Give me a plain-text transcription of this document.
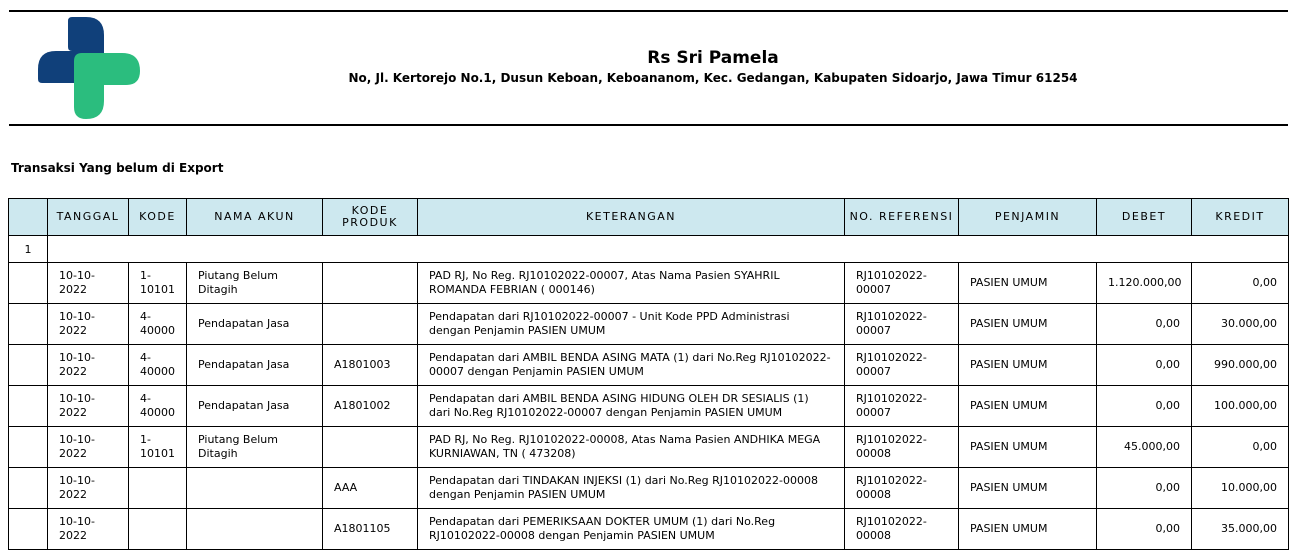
Rs Sri Pamela
No, Jl. Kertorejo No.1, Dusun Keboan, Keboananom, Kec. Gedangan, Kabupaten Sidoarjo, Jawa Timur 61254
Transaksi Yang belum di Export
	TANGGAL	KODE	NAMA AKUN	KODE PRODUK	KETERANGAN	NO. REFERENSI	PENJAMIN	DEBET	KREDIT
1									
	10-10-2022	1-10101	Piutang Belum Ditagih		PAD RJ, No Reg. RJ10102022-00007, Atas Nama Pasien SYAHRIL ROMANDA FEBRIAN ( 000146)	RJ10102022-00007	PASIEN UMUM	1.120.000,00	0,00
	10-10-2022	4-40000	Pendapatan Jasa		Pendapatan dari RJ10102022-00007 - Unit Kode PPD Administrasi dengan Penjamin PASIEN UMUM	RJ10102022-00007	PASIEN UMUM	0,00	30.000,00
	10-10-2022	4-40000	Pendapatan Jasa	A1801003	Pendapatan dari AMBIL BENDA ASING MATA (1) dari No.Reg RJ10102022-00007 dengan Penjamin PASIEN UMUM	RJ10102022-00007	PASIEN UMUM	0,00	990.000,00
	10-10-2022	4-40000	Pendapatan Jasa	A1801002	Pendapatan dari AMBIL BENDA ASING HIDUNG OLEH DR SESIALIS (1) dari No.Reg RJ10102022-00007 dengan Penjamin PASIEN UMUM	RJ10102022-00007	PASIEN UMUM	0,00	100.000,00
	10-10-2022	1-10101	Piutang Belum Ditagih		PAD RJ, No Reg. RJ10102022-00008, Atas Nama Pasien ANDHIKA MEGA KURNIAWAN, TN ( 473208)	RJ10102022-00008	PASIEN UMUM	45.000,00	0,00
	10-10-2022			AAA	Pendapatan dari TINDAKAN INJEKSI (1) dari No.Reg RJ10102022-00008 dengan Penjamin PASIEN UMUM	RJ10102022-00008	PASIEN UMUM	0,00	10.000,00
	10-10-2022			A1801105	Pendapatan dari PEMERIKSAAN DOKTER UMUM (1) dari No.Reg RJ10102022-00008 dengan Penjamin PASIEN UMUM	RJ10102022-00008	PASIEN UMUM	0,00	35.000,00
